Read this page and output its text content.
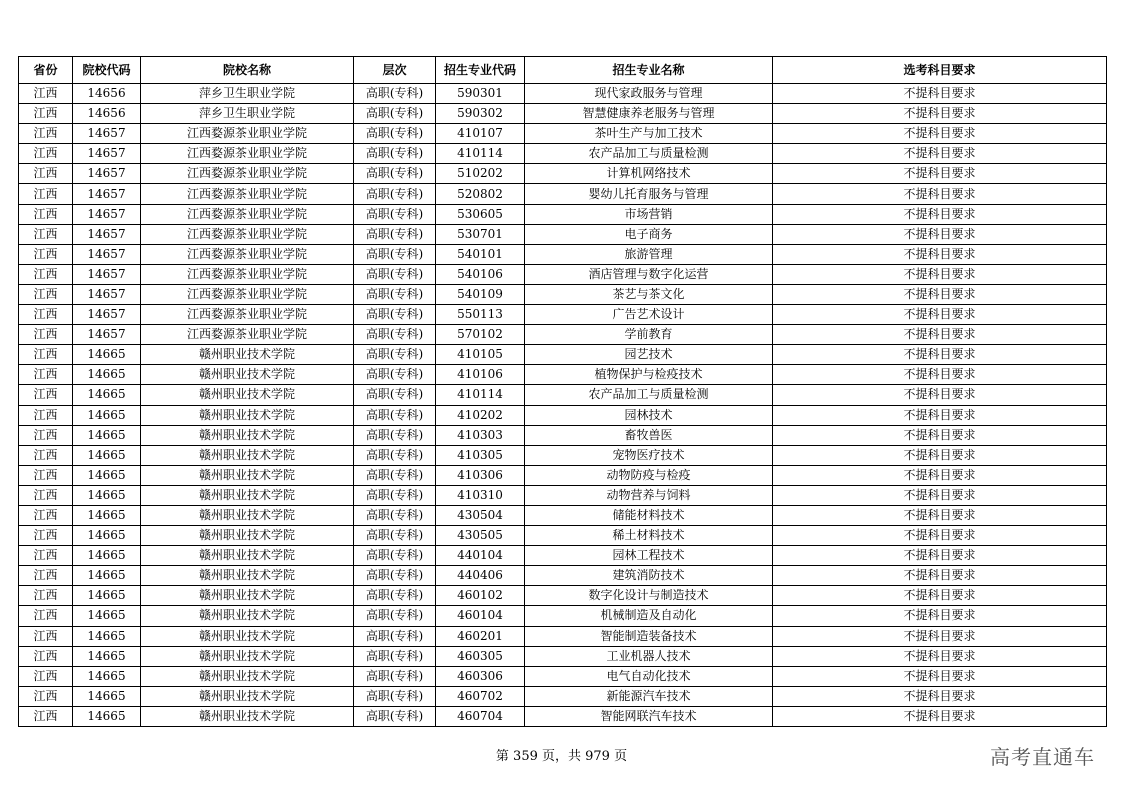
省份	院校代码	院校名称	层次	招生专业代码	招生专业名称	选考科目要求
江西	14656	萍乡卫生职业学院	高职(专科)	590301	现代家政服务与管理	不提科目要求
江西	14656	萍乡卫生职业学院	高职(专科)	590302	智慧健康养老服务与管理	不提科目要求
江西	14657	江西婺源茶业职业学院	高职(专科)	410107	茶叶生产与加工技术	不提科目要求
江西	14657	江西婺源茶业职业学院	高职(专科)	410114	农产品加工与质量检测	不提科目要求
江西	14657	江西婺源茶业职业学院	高职(专科)	510202	计算机网络技术	不提科目要求
江西	14657	江西婺源茶业职业学院	高职(专科)	520802	婴幼儿托育服务与管理	不提科目要求
江西	14657	江西婺源茶业职业学院	高职(专科)	530605	市场营销	不提科目要求
江西	14657	江西婺源茶业职业学院	高职(专科)	530701	电子商务	不提科目要求
江西	14657	江西婺源茶业职业学院	高职(专科)	540101	旅游管理	不提科目要求
江西	14657	江西婺源茶业职业学院	高职(专科)	540106	酒店管理与数字化运营	不提科目要求
江西	14657	江西婺源茶业职业学院	高职(专科)	540109	茶艺与茶文化	不提科目要求
江西	14657	江西婺源茶业职业学院	高职(专科)	550113	广告艺术设计	不提科目要求
江西	14657	江西婺源茶业职业学院	高职(专科)	570102	学前教育	不提科目要求
江西	14665	赣州职业技术学院	高职(专科)	410105	园艺技术	不提科目要求
江西	14665	赣州职业技术学院	高职(专科)	410106	植物保护与检疫技术	不提科目要求
江西	14665	赣州职业技术学院	高职(专科)	410114	农产品加工与质量检测	不提科目要求
江西	14665	赣州职业技术学院	高职(专科)	410202	园林技术	不提科目要求
江西	14665	赣州职业技术学院	高职(专科)	410303	畜牧兽医	不提科目要求
江西	14665	赣州职业技术学院	高职(专科)	410305	宠物医疗技术	不提科目要求
江西	14665	赣州职业技术学院	高职(专科)	410306	动物防疫与检疫	不提科目要求
江西	14665	赣州职业技术学院	高职(专科)	410310	动物营养与饲料	不提科目要求
江西	14665	赣州职业技术学院	高职(专科)	430504	储能材料技术	不提科目要求
江西	14665	赣州职业技术学院	高职(专科)	430505	稀土材料技术	不提科目要求
江西	14665	赣州职业技术学院	高职(专科)	440104	园林工程技术	不提科目要求
江西	14665	赣州职业技术学院	高职(专科)	440406	建筑消防技术	不提科目要求
江西	14665	赣州职业技术学院	高职(专科)	460102	数字化设计与制造技术	不提科目要求
江西	14665	赣州职业技术学院	高职(专科)	460104	机械制造及自动化	不提科目要求
江西	14665	赣州职业技术学院	高职(专科)	460201	智能制造装备技术	不提科目要求
江西	14665	赣州职业技术学院	高职(专科)	460305	工业机器人技术	不提科目要求
江西	14665	赣州职业技术学院	高职(专科)	460306	电气自动化技术	不提科目要求
江西	14665	赣州职业技术学院	高职(专科)	460702	新能源汽车技术	不提科目要求
江西	14665	赣州职业技术学院	高职(专科)	460704	智能网联汽车技术	不提科目要求
第 359 页，共 979 页	高考直通车
